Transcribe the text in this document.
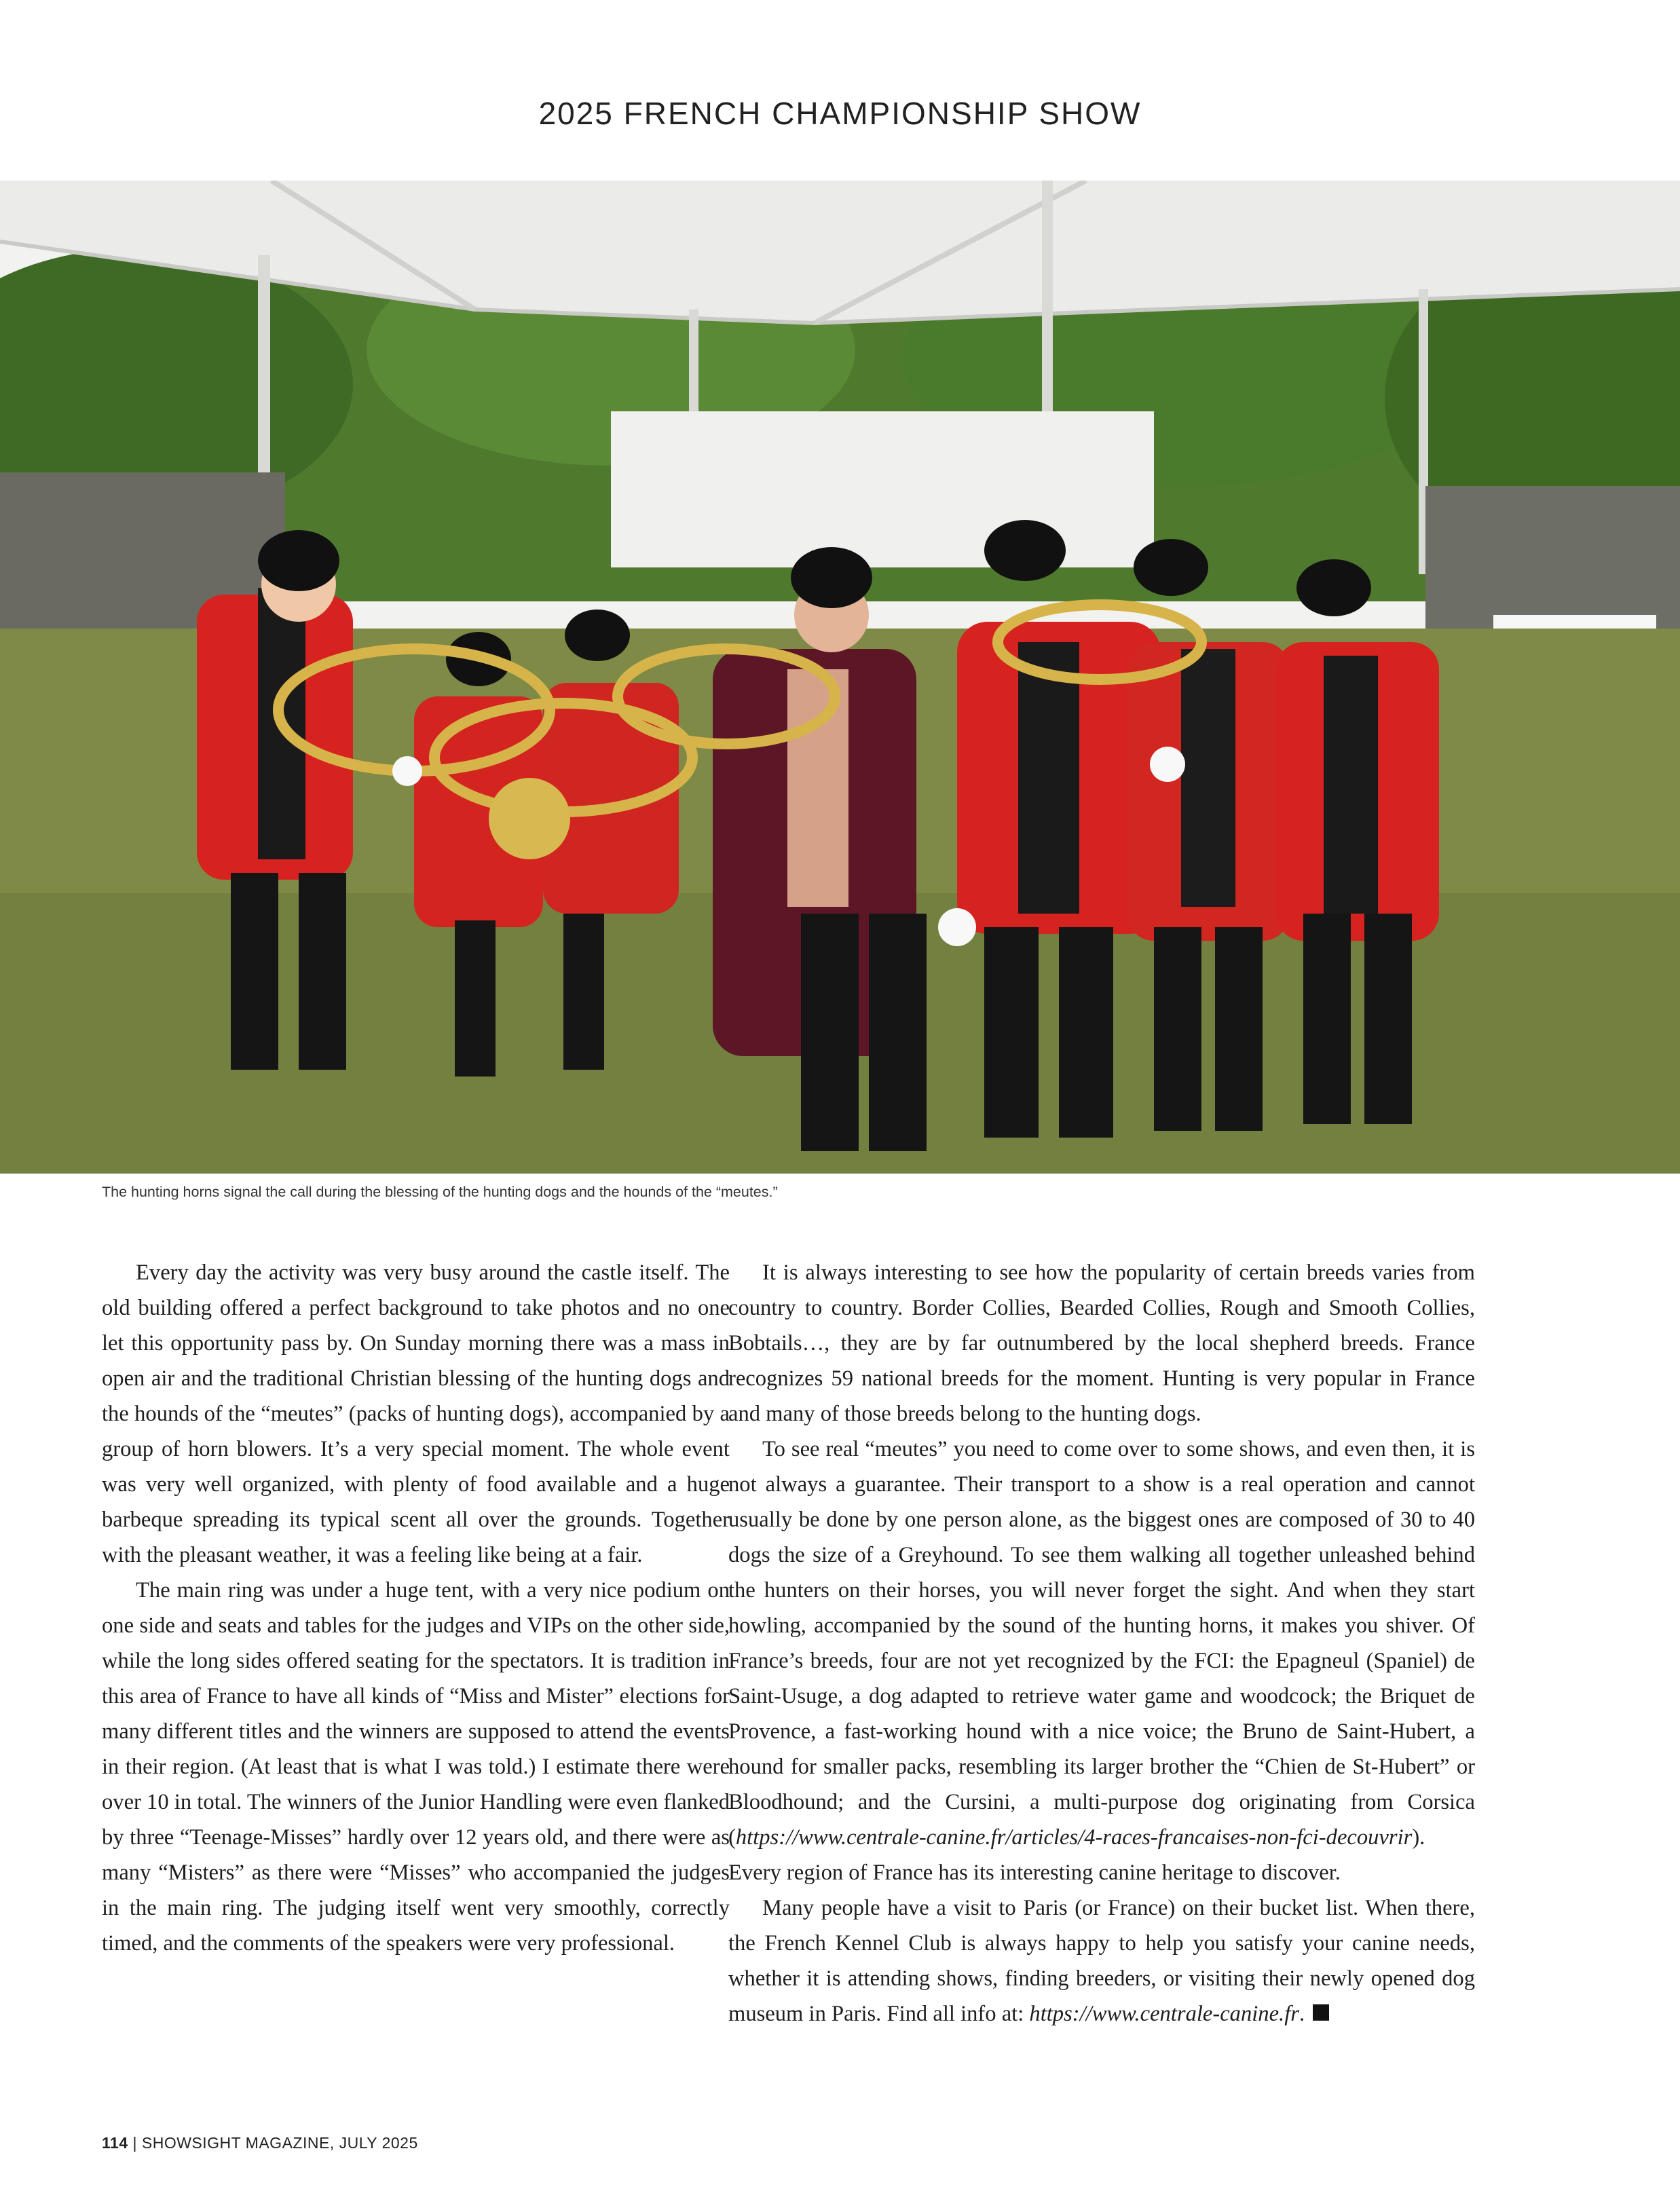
2025 FRENCH CHAMPIONSHIP SHOW
The hunting horns signal the call during the blessing of the hunting dogs and the hounds of the “meutes.”

Every day the activity was very busy around the castle itself. The old building offered a perfect background to take photos and no one let this opportunity pass by. On Sunday morning there was a mass in open air and the traditional Christian blessing of the hunting dogs and the hounds of the “meutes” (packs of hunting dogs), accompanied by a group of horn blowers. It’s a very special moment. The whole event was very well organized, with plenty of food available and a huge barbeque spreading its typical scent all over the grounds. Together with the pleasant weather, it was a feeling like being at a fair.

The main ring was under a huge tent, with a very nice podium on one side and seats and tables for the judges and VIPs on the other side, while the long sides offered seating for the spectators. It is tradition in this area of France to have all kinds of “Miss and Mister” elections for many different titles and the winners are supposed to attend the events in their region. (At least that is what I was told.) I estimate there were over 10 in total. The winners of the Junior Handling were even flanked by three “Teenage-Misses” hardly over 12 years old, and there were as many “Misters” as there were “Misses” who accompanied the judges in the main ring. The judging itself went very smoothly, correctly timed, and the comments of the speakers were very professional.

It is always interesting to see how the popularity of certain breeds varies from country to country. Border Collies, Bearded Collies, Rough and Smooth Collies, Bobtails…, they are by far outnumbered by the local shepherd breeds. France recognizes 59 national breeds for the moment. Hunting is very popular in France and many of those breeds belong to the hunting dogs.

To see real “meutes” you need to come over to some shows, and even then, it is not always a guarantee. Their transport to a show is a real operation and cannot usually be done by one person alone, as the biggest ones are composed of 30 to 40 dogs the size of a Greyhound. To see them walking all together unleashed behind the hunters on their horses, you will never forget the sight. And when they start howling, accompanied by the sound of the hunting horns, it makes you shiver. Of France’s breeds, four are not yet recognized by the FCI: the Epagneul (Spaniel) de Saint-Usuge, a dog adapted to retrieve water game and woodcock; the Briquet de Provence, a fast-working hound with a nice voice; the Bruno de Saint-Hubert, a hound for smaller packs, resembling its larger brother the “Chien de St-Hubert” or Bloodhound; and the Cursini, a multi-purpose dog originating from Corsica (https://www.centrale-canine.fr/articles/4-races-francaises-non-fci-decouvrir). Every region of France has its interesting canine heritage to discover.

Many people have a visit to Paris (or France) on their bucket list. When there, the French Kennel Club is always happy to help you satisfy your canine needs, whether it is attending shows, finding breeders, or visiting their newly opened dog museum in Paris. Find all info at: https://www.centrale-canine.fr.

114 | SHOWSIGHT MAGAZINE, JULY 2025
